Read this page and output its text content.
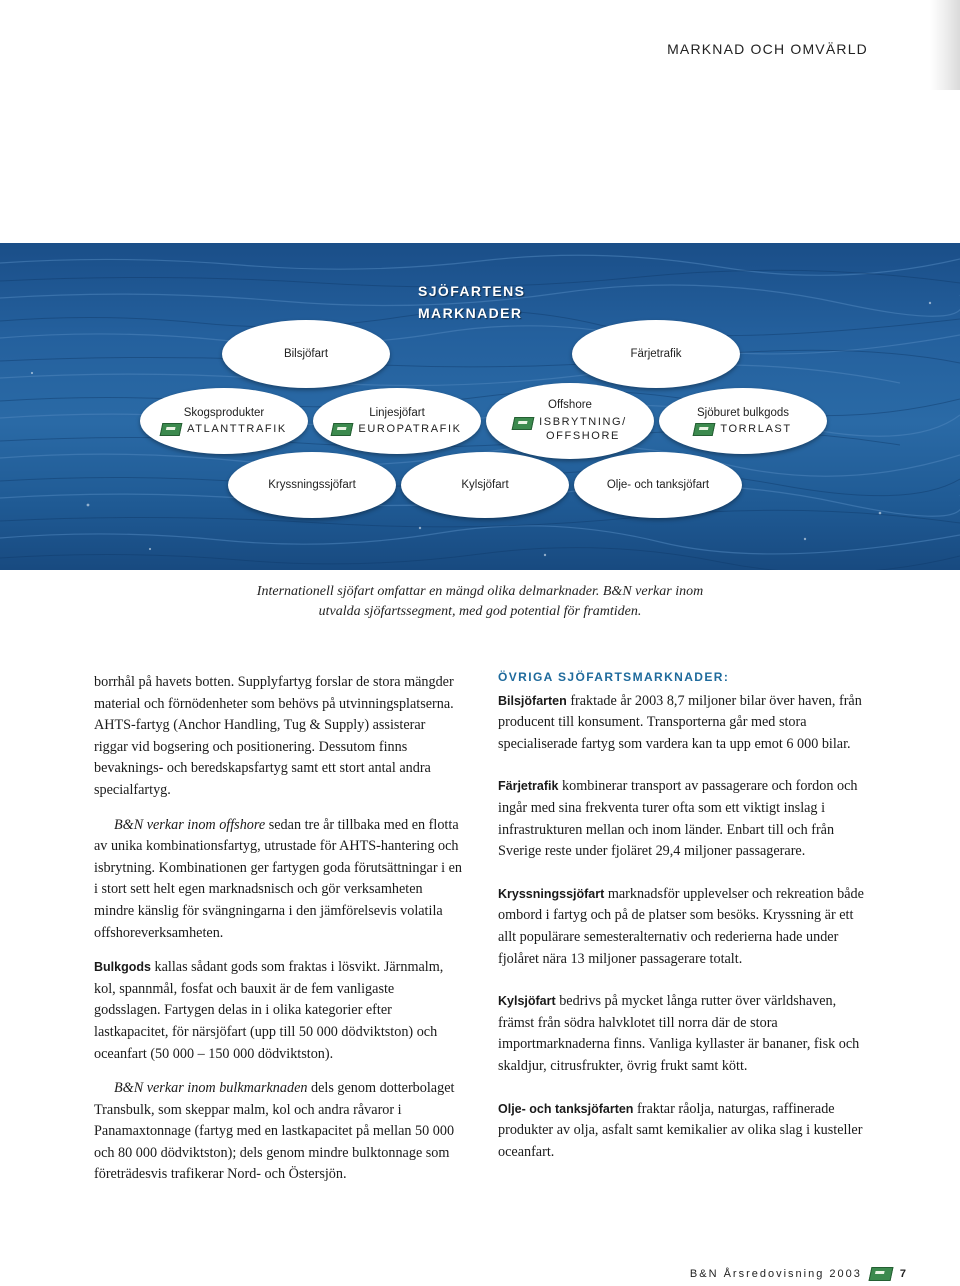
MARKNAD OCH OMVÄRLD
SJÖFARTENS
MARKNADER
Bilsjöfart	Färjetrafik
Skogsprodukter
ATLANTTRAFIK
Linjesjöfart
EUROPATRAFIK
Offshore
ISBRYTNING/
OFFSHORE
Sjöburet bulkgods
TORRLAST
Kryssningssjöfart	Kylsjöfart	Olje- och tanksjöfart
Internationell sjöfart omfattar en mängd olika delmarknader. B&N verkar inom
utvalda sjöfartssegment, med god potential för framtiden.

borrhål på havets botten. Supplyfartyg forslar de stora mängder material och förnödenheter som behövs på utvinningsplatserna. AHTS-fartyg (Anchor Handling, Tug & Supply) assisterar riggar vid bogsering och positionering. Dessutom finns bevaknings- och beredskapsfartyg samt ett stort antal andra specialfartyg.

B&N verkar inom offshore sedan tre år tillbaka med en flotta av unika kombinationsfartyg, utrustade för AHTS-hantering och isbrytning. Kombinationen ger fartygen goda förutsättningar i en i stort sett helt egen marknadsnisch och gör verksamheten mindre känslig för svängningarna i den jämförelsevis volatila offshoreverksamheten.

Bulkgods kallas sådant gods som fraktas i lösvikt. Järnmalm, kol, spannmål, fosfat och bauxit är de fem vanligaste godsslagen. Fartygen delas in i olika kategorier efter lastkapacitet, för närsjöfart (upp till 50 000 dödviktston) och oceanfart (50 000 – 150 000 dödviktston).

B&N verkar inom bulkmarknaden dels genom dotterbolaget Transbulk, som skeppar malm, kol och andra råvaror i Panamaxtonnage (fartyg med en lastkapacitet på mellan 50 000 och 80 000 dödviktston); dels genom mindre bulktonnage som företrädesvis trafikerar Nord- och Östersjön.

ÖVRIGA SJÖFARTSMARKNADER:

Bilsjöfarten fraktade år 2003 8,7 miljoner bilar över haven, från producent till konsument. Transporterna går med stora specialiserade fartyg som vardera kan ta upp emot 6 000 bilar.

Färjetrafik kombinerar transport av passagerare och fordon och ingår med sina frekventa turer ofta som ett viktigt inslag i infrastrukturen mellan och inom länder. Enbart till och från Sverige reste under fjoläret 29,4 miljoner passagerare.

Kryssningssjöfart marknadsför upplevelser och rekreation både ombord i fartyg och på de platser som besöks. Kryssning är ett allt populärare semesteralternativ och rederierna hade under fjolåret nära 13 miljoner passagerare totalt.

Kylsjöfart bedrivs på mycket långa rutter över världshaven, främst från södra halvklotet till norra där de stora importmarknaderna finns. Vanliga kyllaster är bananer, fisk och skaldjur, citrusfrukter, övrig frukt samt kött.

Olje- och tanksjöfarten fraktar råolja, naturgas, raffinerade produkter av olja, asfalt samt kemikalier av olika slag i kusteller oceanfart.

B&N Årsredovisning 2003	7
